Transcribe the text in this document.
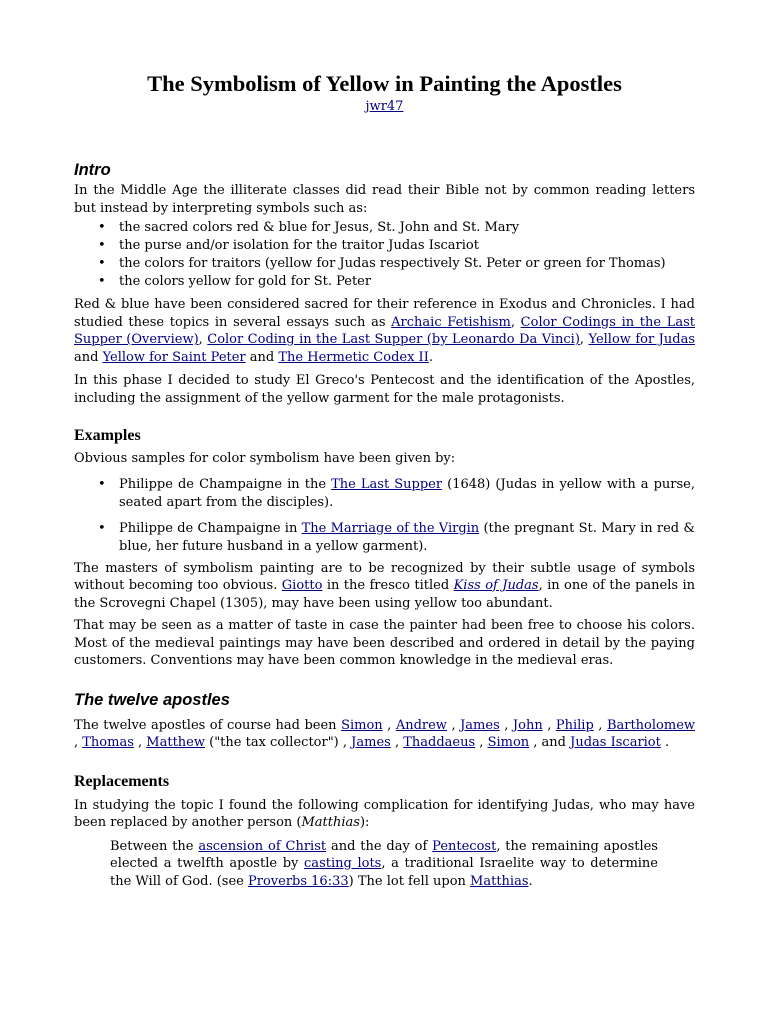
The Symbolism of Yellow in Painting the Apostles
jwr47
Intro

In the Middle Age the illiterate classes did read their Bible not by common reading letters but instead by interpreting symbols such as:

• the sacred colors red & blue for Jesus, St. John and St. Mary
• the purse and/or isolation for the traitor Judas Iscariot
• the colors for traitors (yellow for Judas respectively St. Peter or green for Thomas)
• the colors yellow for gold for St. Peter

Red & blue have been considered sacred for their reference in Exodus and Chronicles. I had studied these topics in several essays such as Archaic Fetishism, Color Codings in the Last Supper (Overview), Color Coding in the Last Supper (by Leonardo Da Vinci), Yellow for Judas and Yellow for Saint Peter and The Hermetic Codex II.

In this phase I decided to study El Greco's Pentecost and the identification of the Apostles, including the assignment of the yellow garment for the male protagonists.

Examples

Obvious samples for color symbolism have been given by:

• Philippe de Champaigne in the The Last Supper (1648) (Judas in yellow with a purse, seated apart from the disciples).
• Philippe de Champaigne in The Marriage of the Virgin (the pregnant St. Mary in red & blue, her future husband in a yellow garment).

The masters of symbolism painting are to be recognized by their subtle usage of symbols without becoming too obvious. Giotto in the fresco titled Kiss of Judas, in one of the panels in the Scrovegni Chapel (1305), may have been using yellow too abundant.

That may be seen as a matter of taste in case the painter had been free to choose his colors. Most of the medieval paintings may have been described and ordered in detail by the paying customers. Conventions may have been common knowledge in the medieval eras.

The twelve apostles

The twelve apostles of course had been Simon , Andrew , James , John , Philip , Bartholomew , Thomas , Matthew ("the tax collector") , James , Thaddaeus , Simon , and Judas Iscariot .

Replacements

In studying the topic I found the following complication for identifying Judas, who may have been replaced by another person (Matthias):

Between the ascension of Christ and the day of Pentecost, the remaining apostles elected a twelfth apostle by casting lots, a traditional Israelite way to determine the Will of God. (see Proverbs 16:33) The lot fell upon Matthias.
